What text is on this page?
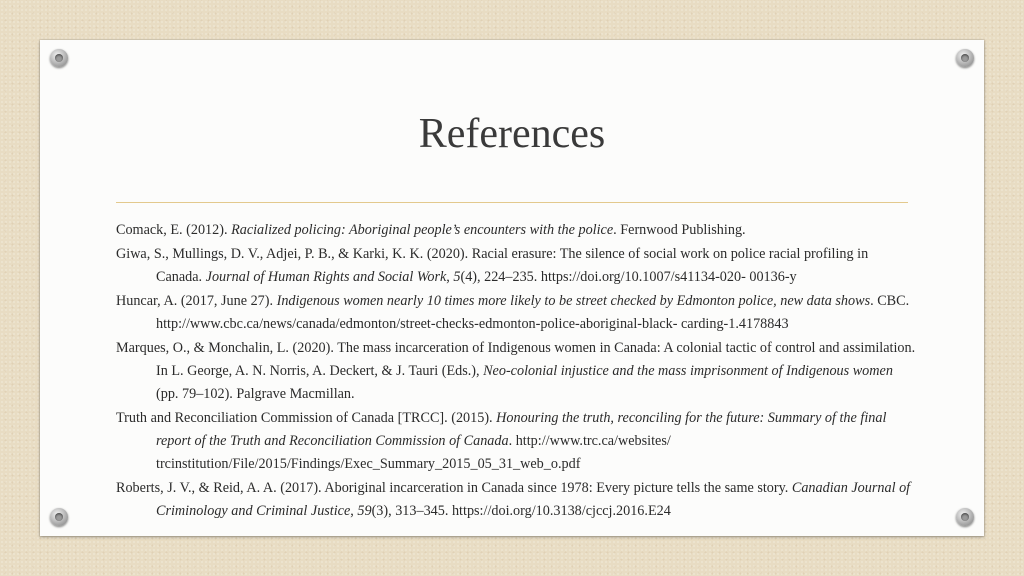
References

Comack, E. (2012). Racialized policing: Aboriginal people’s encounters with the police. Fernwood Publishing.

Giwa, S., Mullings, D. V., Adjei, P. B., & Karki, K. K. (2020). Racial erasure: The silence of social work on police racial profiling in Canada. Journal of Human Rights and Social Work, 5(4), 224–235. https://doi.org/10.1007/s41134-020- 00136-y

Huncar, A. (2017, June 27). Indigenous women nearly 10 times more likely to be street checked by Edmonton police, new data shows. CBC. http://www.cbc.ca/news/canada/edmonton/street-checks-edmonton-police-aboriginal-black- carding-1.4178843

Marques, O., & Monchalin, L. (2020). The mass incarceration of Indigenous women in Canada: A colonial tactic of control and assimilation. In L. George, A. N. Norris, A. Deckert, & J. Tauri (Eds.), Neo-colonial injustice and the mass imprisonment of Indigenous women (pp. 79–102). Palgrave Macmillan.

Truth and Reconciliation Commission of Canada [TRCC]. (2015). Honouring the truth, reconciling for the future: Summary of the final report of the Truth and Reconciliation Commission of Canada. http://www.trc.ca/websites/ trcinstitution/File/2015/Findings/Exec_Summary_2015_05_31_web_o.pdf

Roberts, J. V., & Reid, A. A. (2017). Aboriginal incarceration in Canada since 1978: Every picture tells the same story. Canadian Journal of Criminology and Criminal Justice, 59(3), 313–345. https://doi.org/10.3138/cjccj.2016.E24
